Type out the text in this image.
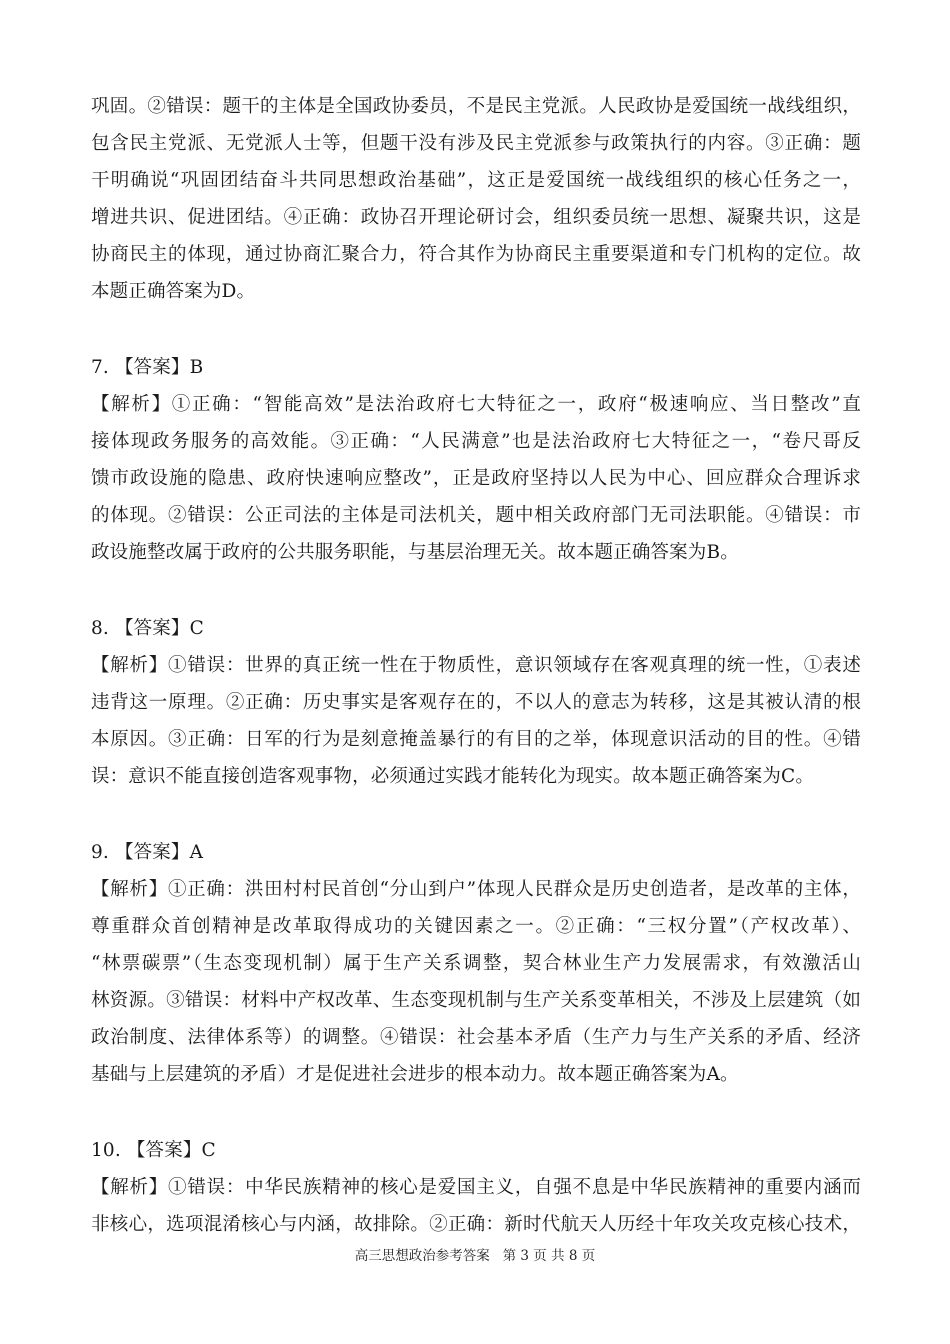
巩固。②错误：题干的主体是全国政协委员，不是民主党派。人民政协是爱国统一战线组织，
包含民主党派、无党派人士等，但题干没有涉及民主党派参与政策执行的内容。③正确：题
干明确说“巩固团结奋斗共同思想政治基础”，这正是爱国统一战线组织的核心任务之一，
增进共识、促进团结。④正确：政协召开理论研讨会，组织委员统一思想、凝聚共识，这是
协商民主的体现，通过协商汇聚合力，符合其作为协商民主重要渠道和专门机构的定位。故
本题正确答案为D。
7. 【答案】B
【解析】①正确：“智能高效”是法治政府七大特征之一，政府“极速响应、当日整改”直
接体现政务服务的高效能。③正确：“人民满意”也是法治政府七大特征之一，“卷尺哥反
馈市政设施的隐患、政府快速响应整改”，正是政府坚持以人民为中心、回应群众合理诉求
的体现。②错误：公正司法的主体是司法机关，题中相关政府部门无司法职能。④错误：市
政设施整改属于政府的公共服务职能，与基层治理无关。故本题正确答案为B。
8. 【答案】C
【解析】①错误：世界的真正统一性在于物质性，意识领域存在客观真理的统一性，①表述
违背这一原理。②正确：历史事实是客观存在的，不以人的意志为转移，这是其被认清的根
本原因。③正确：日军的行为是刻意掩盖暴行的有目的之举，体现意识活动的目的性。④错
误：意识不能直接创造客观事物，必须通过实践才能转化为现实。故本题正确答案为C。
9. 【答案】A
【解析】①正确：洪田村村民首创“分山到户”体现人民群众是历史创造者，是改革的主体，
尊重群众首创精神是改革取得成功的关键因素之一。②正确：“三权分置”（产权改革）、
“林票碳票”（生态变现机制）属于生产关系调整，契合林业生产力发展需求，有效激活山
林资源。③错误：材料中产权改革、生态变现机制与生产关系变革相关，不涉及上层建筑（如
政治制度、法律体系等）的调整。④错误：社会基本矛盾（生产力与生产关系的矛盾、经济
基础与上层建筑的矛盾）才是促进社会进步的根本动力。故本题正确答案为A。
10. 【答案】C
【解析】①错误：中华民族精神的核心是爱国主义，自强不息是中华民族精神的重要内涵而
非核心，选项混淆核心与内涵，故排除。②正确：新时代航天人历经十年攻关攻克核心技术，
高三思想政治参考答案   第 3 页 共 8 页
